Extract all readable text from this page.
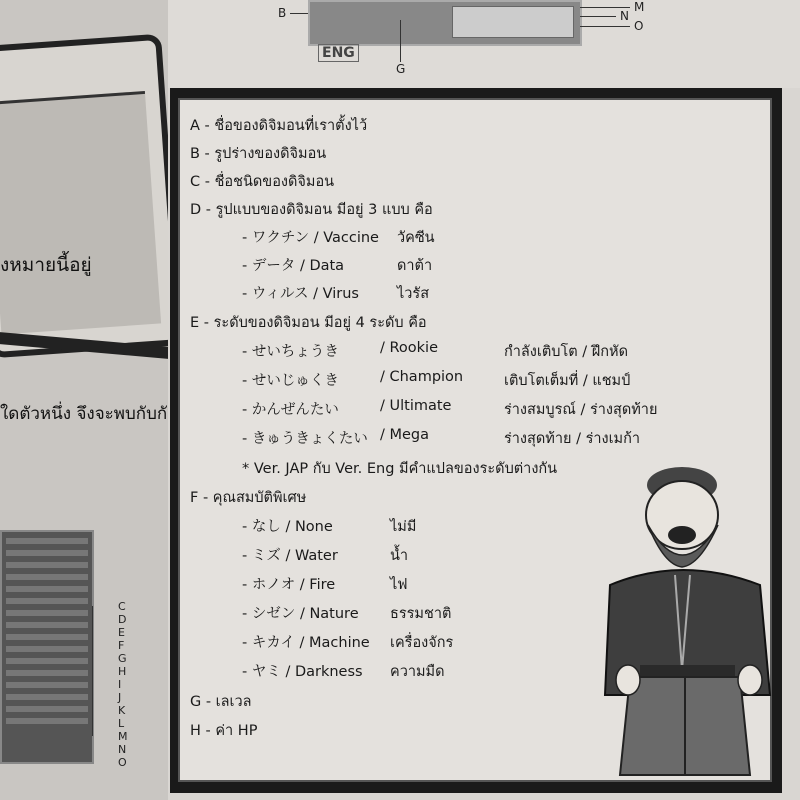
งหมายนี้อยู่
ใดตัวหนึ่ง จึงจะพบกับกั
C
D
E
F
G
H
I
J
K
L
M
N
O
B
G
ENG
M
N
O
A - ชื่อของดิจิมอนที่เราตั้งไว้
B - รูปร่างของดิจิมอน
C - ชื่อชนิดของดิจิมอน
D - รูปแบบของดิจิมอน มีอยู่ 3 แบบ คือ
- ワクチン / Vaccine วัคซีน
- データ / Data	ดาต้า
- ウィルス / Virus	ไวรัส
E - ระดับของดิจิมอน มีอยู่ 4 ระดับ คือ
- せいちょうき	/ Rookie	กำลังเติบโต / ฝึกหัด
- せいじゅくき	/ Champion	เติบโตเต็มที่ / แชมป์
- かんぜんたい	/ Ultimate	ร่างสมบูรณ์ / ร่างสุดท้าย
- きゅうきょくたい / Mega	ร่างสุดท้าย / ร่างเมก้า
* Ver. JAP กับ Ver. Eng มีคำแปลของระดับต่างกัน
F - คุณสมบัติพิเศษ
- なし / None	ไม่มี
- ミズ / Water	น้ำ
- ホノオ / Fire	ไฟ
- シゼン / Nature ธรรมชาติ
- キカイ / Machine เครื่องจักร
- ヤミ / Darkness ความมืด
G - เลเวล
H - ค่า HP
